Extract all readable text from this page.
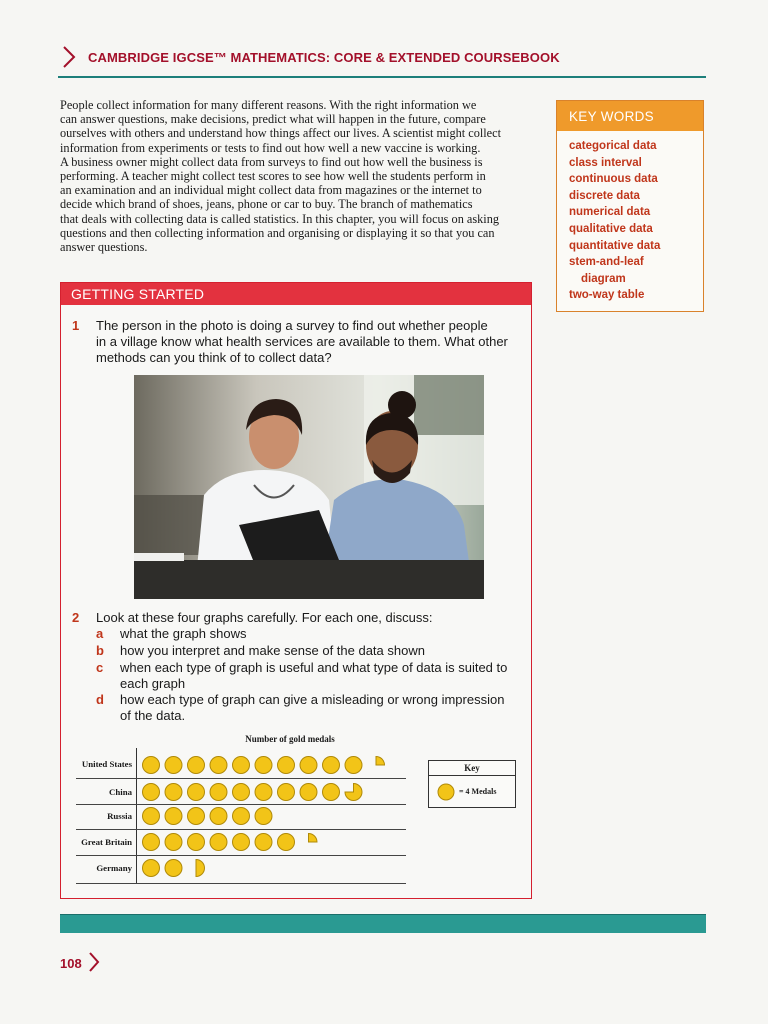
CAMBRIDGE IGCSE™ MATHEMATICS: CORE & EXTENDED COURSEBOOK
People collect information for many different reasons. With the right information we
can answer questions, make decisions, predict what will happen in the future, compare
ourselves with others and understand how things affect our lives. A scientist might collect
information from experiments or tests to find out how well a new vaccine is working.
A business owner might collect data from surveys to find out how well the business is
performing. A teacher might collect test scores to see how well the students perform in
an examination and an individual might collect data from magazines or the internet to
decide which brand of shoes, jeans, phone or car to buy. The branch of mathematics
that deals with collecting data is called statistics. In this chapter, you will focus on asking
questions and then collecting information and organising or displaying it so that you can
answer questions.
KEY WORDS
categorical data
class interval
continuous data
discrete data
numerical data
qualitative data
quantitative data
stem-and-leaf
diagram
two-way table
GETTING STARTED
1 The person in the photo is doing a survey to find out whether people
in a village know what health services are available to them. What other
methods can you think of to collect data?
2 Look at these four graphs carefully. For each one, discuss:
a what the graph shows
b how you interpret and make sense of the data shown
c when each type of graph is useful and what type of data is suited to
each graph
d how each type of graph can give a misleading or wrong impression
of the data.
Number of gold medals
United States
China
Russia
Great Britain
Germany
Key
= 4 Medals
108
